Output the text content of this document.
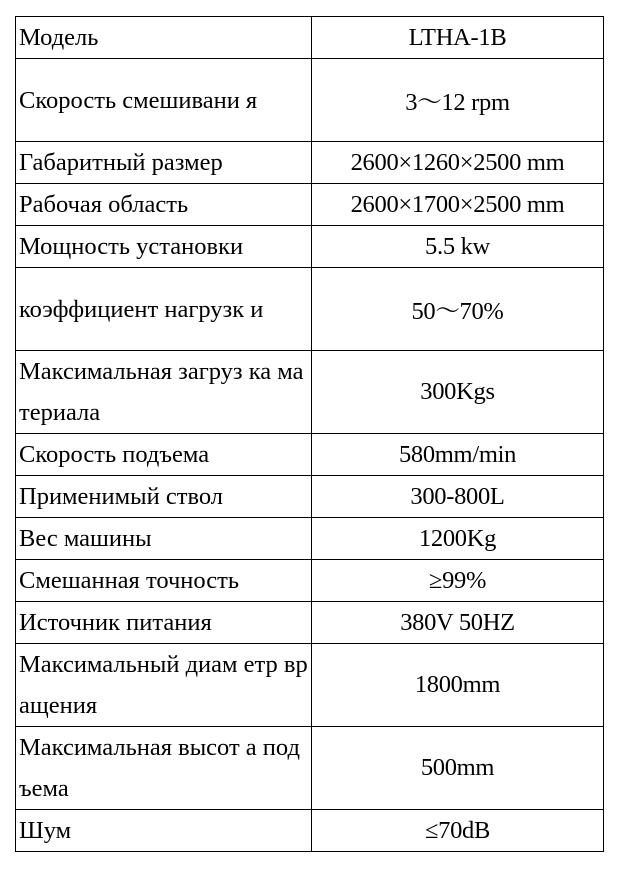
Модель	LTHA-1B
Скорость смешивани я	3～12 rpm
Габаритный размер	2600×1260×2500 mm
Рабочая область	2600×1700×2500 mm
Мощность установки	5.5 kw
коэффициент нагрузк и	50～70%
Максимальная загруз ка материала	300Kgs
Скорость подъема	580mm/min
Применимый ствол	300-800L
Вес машины	1200Kg
Смешанная точность	≥99%
Источник питания	380V 50HZ
Максимальный диам етр вращения	1800mm
Максимальная высот а подъема	500mm
Шум	≤70dB
